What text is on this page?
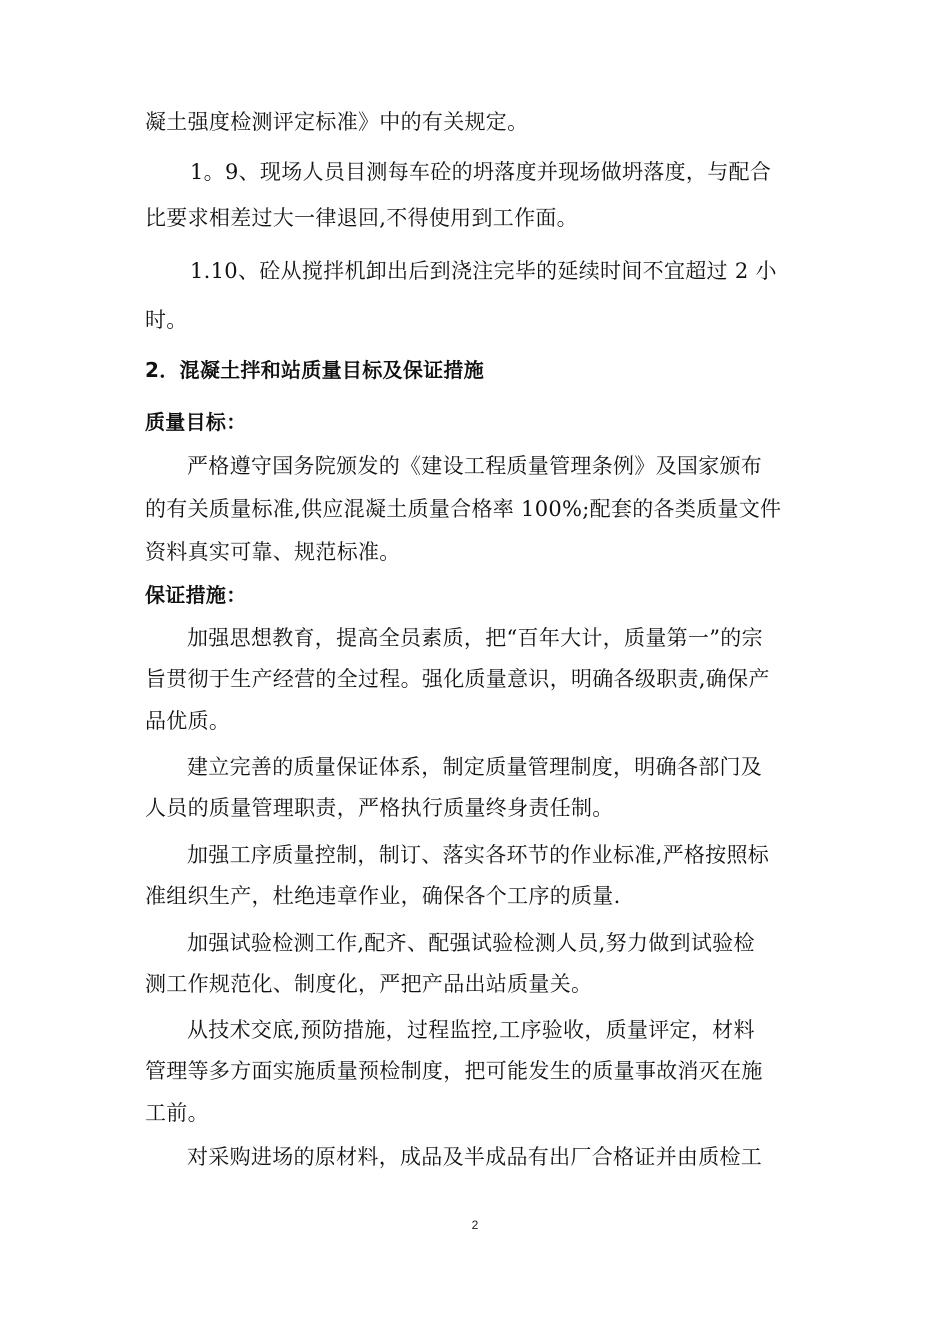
凝土强度检测评定标准》中的有关规定。
1。9、现场人员目测每车砼的坍落度并现场做坍落度，与配合
比要求相差过大一律退回,不得使用到工作面。
1.10、砼从搅拌机卸出后到浇注完毕的延续时间不宜超过 2 小
时。
2．混凝土拌和站质量目标及保证措施
质量目标：
严格遵守国务院颁发的《建设工程质量管理条例》及国家颁布
的有关质量标准,供应混凝土质量合格率 100%;配套的各类质量文件
资料真实可靠、规范标准。
保证措施：
加强思想教育，提高全员素质，把“百年大计，质量第一”的宗
旨贯彻于生产经营的全过程。强化质量意识，明确各级职责,确保产
品优质。
建立完善的质量保证体系，制定质量管理制度，明确各部门及
人员的质量管理职责，严格执行质量终身责任制。
加强工序质量控制，制订、落实各环节的作业标准,严格按照标
准组织生产，杜绝违章作业，确保各个工序的质量.
加强试验检测工作,配齐、配强试验检测人员,努力做到试验检
测工作规范化、制度化，严把产品出站质量关。
从技术交底,预防措施，过程监控,工序验收，质量评定，材料
管理等多方面实施质量预检制度，把可能发生的质量事故消灭在施
工前。
对采购进场的原材料，成品及半成品有出厂合格证并由质检工
2
